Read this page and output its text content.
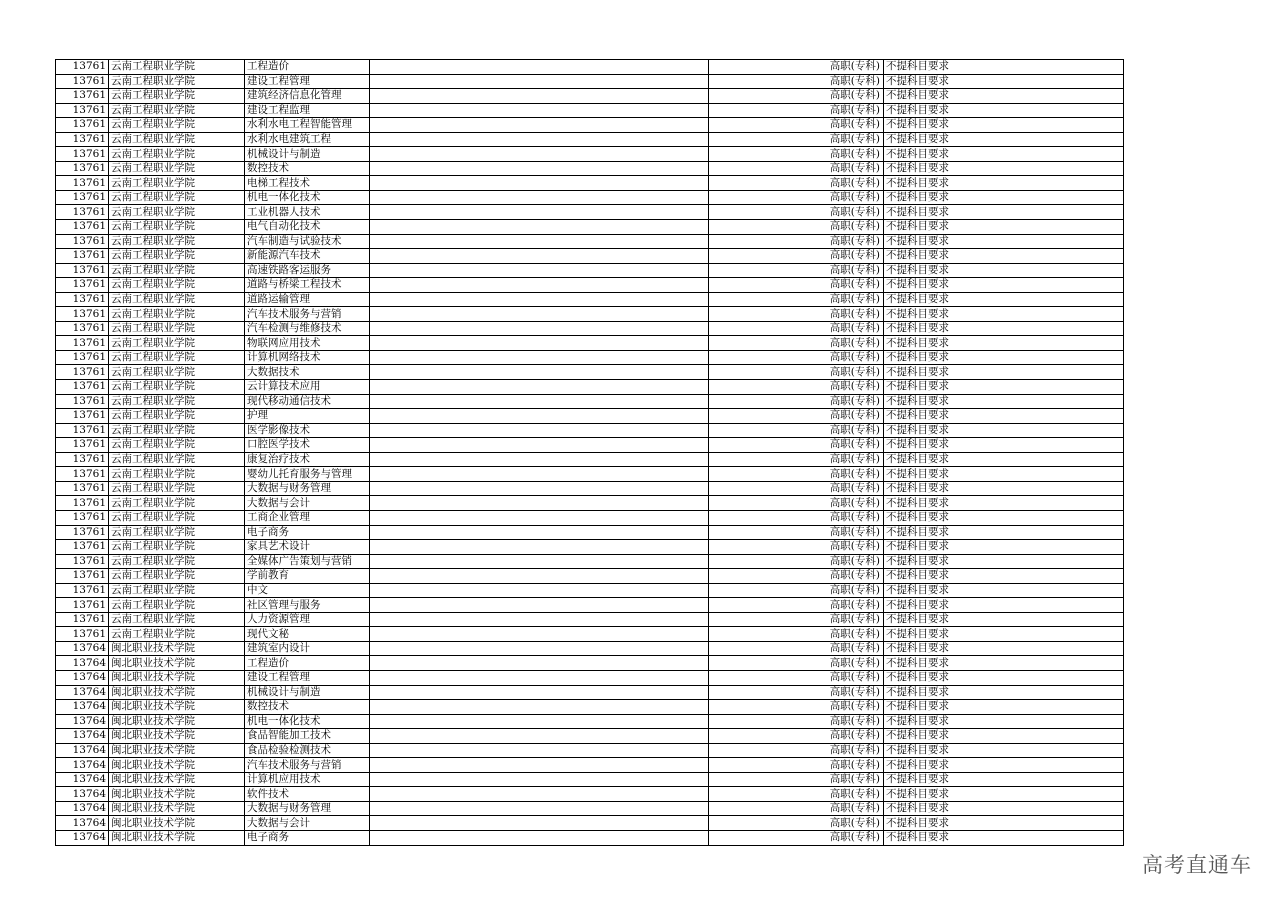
13761	云南工程职业学院	工程造价		高职(专科)	不提科目要求
13761	云南工程职业学院	建设工程管理		高职(专科)	不提科目要求
13761	云南工程职业学院	建筑经济信息化管理		高职(专科)	不提科目要求
13761	云南工程职业学院	建设工程监理		高职(专科)	不提科目要求
13761	云南工程职业学院	水利水电工程智能管理		高职(专科)	不提科目要求
13761	云南工程职业学院	水利水电建筑工程		高职(专科)	不提科目要求
13761	云南工程职业学院	机械设计与制造		高职(专科)	不提科目要求
13761	云南工程职业学院	数控技术		高职(专科)	不提科目要求
13761	云南工程职业学院	电梯工程技术		高职(专科)	不提科目要求
13761	云南工程职业学院	机电一体化技术		高职(专科)	不提科目要求
13761	云南工程职业学院	工业机器人技术		高职(专科)	不提科目要求
13761	云南工程职业学院	电气自动化技术		高职(专科)	不提科目要求
13761	云南工程职业学院	汽车制造与试验技术		高职(专科)	不提科目要求
13761	云南工程职业学院	新能源汽车技术		高职(专科)	不提科目要求
13761	云南工程职业学院	高速铁路客运服务		高职(专科)	不提科目要求
13761	云南工程职业学院	道路与桥梁工程技术		高职(专科)	不提科目要求
13761	云南工程职业学院	道路运输管理		高职(专科)	不提科目要求
13761	云南工程职业学院	汽车技术服务与营销		高职(专科)	不提科目要求
13761	云南工程职业学院	汽车检测与维修技术		高职(专科)	不提科目要求
13761	云南工程职业学院	物联网应用技术		高职(专科)	不提科目要求
13761	云南工程职业学院	计算机网络技术		高职(专科)	不提科目要求
13761	云南工程职业学院	大数据技术		高职(专科)	不提科目要求
13761	云南工程职业学院	云计算技术应用		高职(专科)	不提科目要求
13761	云南工程职业学院	现代移动通信技术		高职(专科)	不提科目要求
13761	云南工程职业学院	护理		高职(专科)	不提科目要求
13761	云南工程职业学院	医学影像技术		高职(专科)	不提科目要求
13761	云南工程职业学院	口腔医学技术		高职(专科)	不提科目要求
13761	云南工程职业学院	康复治疗技术		高职(专科)	不提科目要求
13761	云南工程职业学院	婴幼儿托育服务与管理		高职(专科)	不提科目要求
13761	云南工程职业学院	大数据与财务管理		高职(专科)	不提科目要求
13761	云南工程职业学院	大数据与会计		高职(专科)	不提科目要求
13761	云南工程职业学院	工商企业管理		高职(专科)	不提科目要求
13761	云南工程职业学院	电子商务		高职(专科)	不提科目要求
13761	云南工程职业学院	家具艺术设计		高职(专科)	不提科目要求
13761	云南工程职业学院	全媒体广告策划与营销		高职(专科)	不提科目要求
13761	云南工程职业学院	学前教育		高职(专科)	不提科目要求
13761	云南工程职业学院	中文		高职(专科)	不提科目要求
13761	云南工程职业学院	社区管理与服务		高职(专科)	不提科目要求
13761	云南工程职业学院	人力资源管理		高职(专科)	不提科目要求
13761	云南工程职业学院	现代文秘		高职(专科)	不提科目要求
13764	闽北职业技术学院	建筑室内设计		高职(专科)	不提科目要求
13764	闽北职业技术学院	工程造价		高职(专科)	不提科目要求
13764	闽北职业技术学院	建设工程管理		高职(专科)	不提科目要求
13764	闽北职业技术学院	机械设计与制造		高职(专科)	不提科目要求
13764	闽北职业技术学院	数控技术		高职(专科)	不提科目要求
13764	闽北职业技术学院	机电一体化技术		高职(专科)	不提科目要求
13764	闽北职业技术学院	食品智能加工技术		高职(专科)	不提科目要求
13764	闽北职业技术学院	食品检验检测技术		高职(专科)	不提科目要求
13764	闽北职业技术学院	汽车技术服务与营销		高职(专科)	不提科目要求
13764	闽北职业技术学院	计算机应用技术		高职(专科)	不提科目要求
13764	闽北职业技术学院	软件技术		高职(专科)	不提科目要求
13764	闽北职业技术学院	大数据与财务管理		高职(专科)	不提科目要求
13764	闽北职业技术学院	大数据与会计		高职(专科)	不提科目要求
13764	闽北职业技术学院	电子商务		高职(专科)	不提科目要求
高考直通车
